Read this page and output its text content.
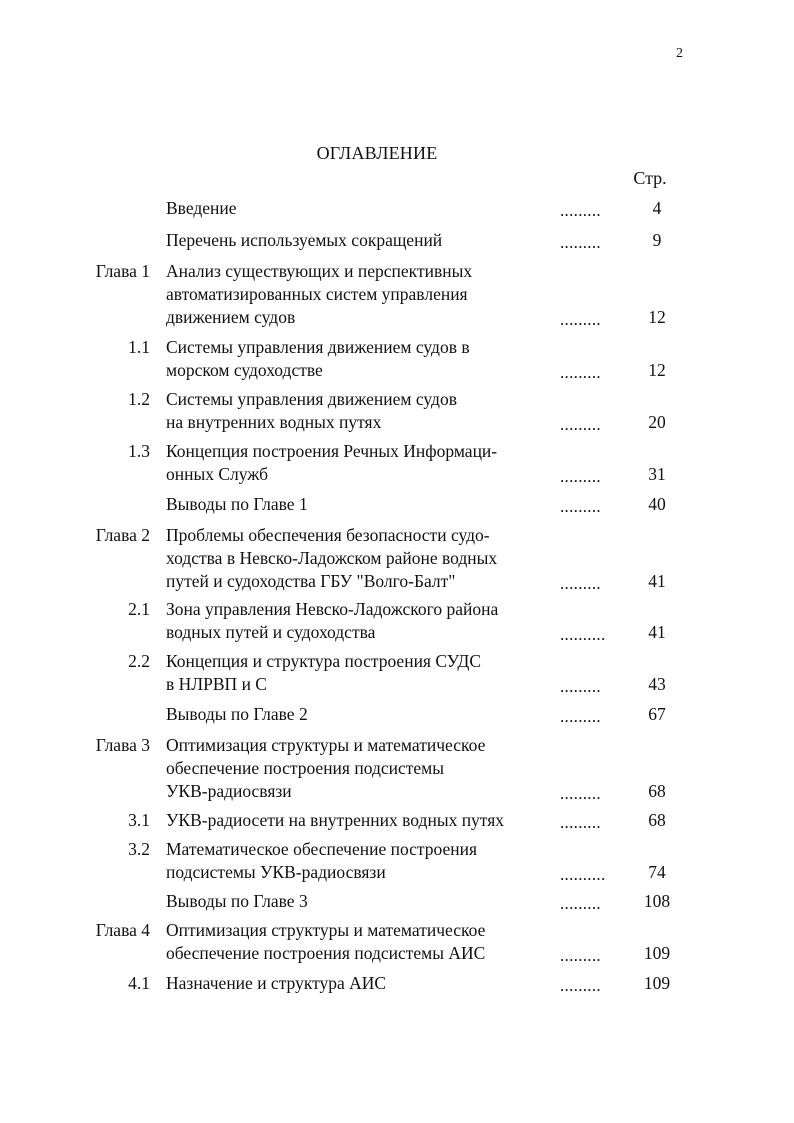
2
ОГЛАВЛЕНИЕ
Стр.
Введение	.........	4
Перечень используемых сокращений	.........	9
Глава 1 Анализ существующих и перспективных
автоматизированных систем управления
движением судов	.........	12
1.1 Системы управления движением судов в
морском судоходстве	.........	12
1.2 Системы управления движением судов
на внутренних водных путях	.........	20
1.3 Концепция построения Речных Информаци-
онных Служб	.........	31
Выводы по Главе 1	.........	40
Глава 2 Проблемы обеспечения безопасности судо-
ходства в Невско-Ладожском районе водных
путей и судоходства ГБУ "Волго-Балт"	.........	41
2.1 Зона управления Невско-Ладожского района
водных путей и судоходства	..........	41
2.2 Концепция и структура построения СУДС
в НЛРВП и С	.........	43
Выводы по Главе 2	.........	67
Глава 3 Оптимизация структуры и математическое
обеспечение построения подсистемы
УКВ-радиосвязи	.........	68
3.1 УКВ-радиосети на внутренних водных путях	.........	68
3.2 Математическое обеспечение построения
подсистемы УКВ-радиосвязи	..........	74
Выводы по Главе 3	.........	108
Глава 4 Оптимизация структуры и математическое
обеспечение построения подсистемы АИС	.........	109
4.1 Назначение и структура АИС	.........	109
